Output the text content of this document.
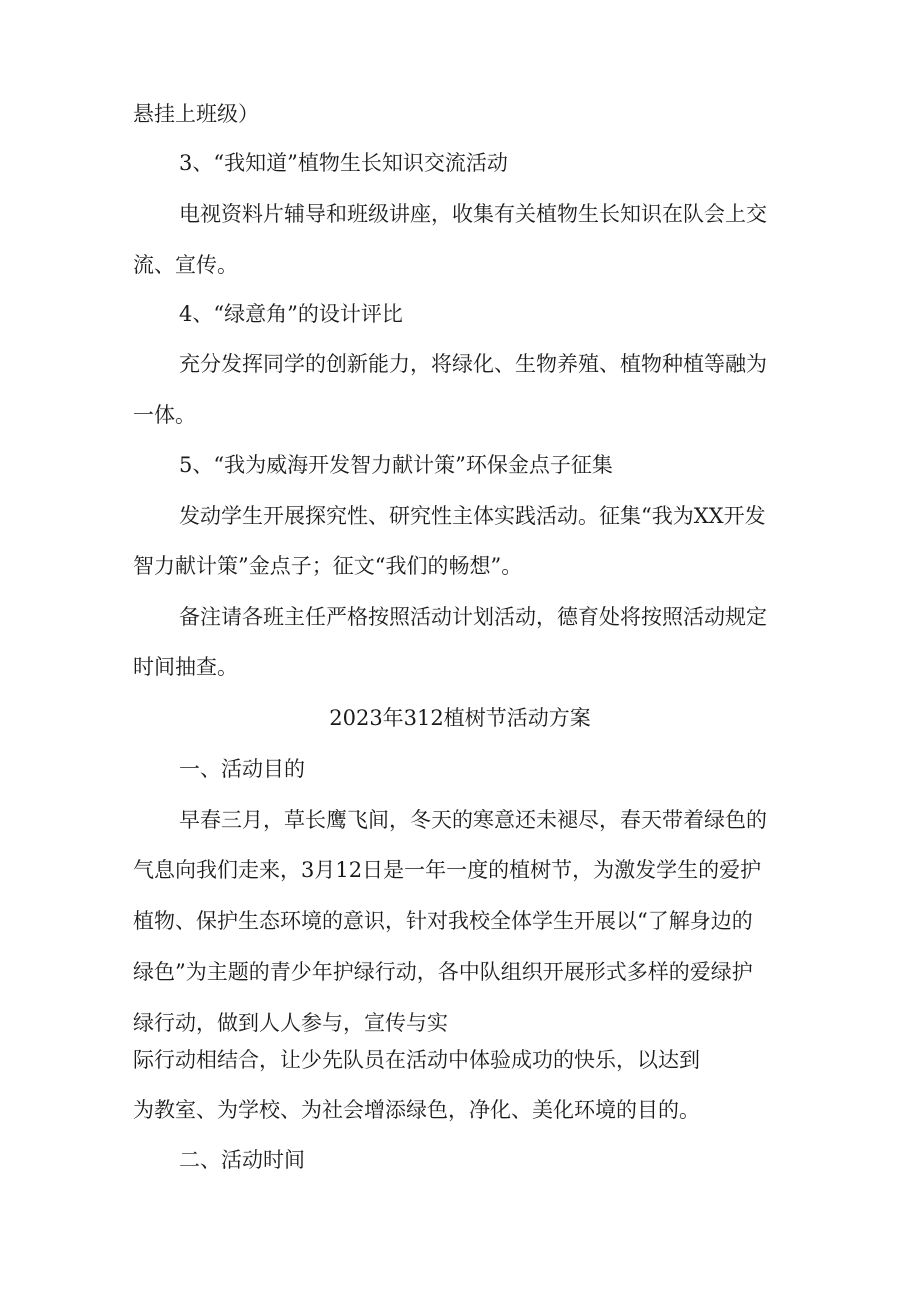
悬挂上班级）
3、“我知道”植物生长知识交流活动
电视资料片辅导和班级讲座，收集有关植物生长知识在队会上交
流、宣传。
4、“绿意角”的设计评比
充分发挥同学的创新能力，将绿化、生物养殖、植物种植等融为
一体。
5、“我为威海开发智力献计策”环保金点子征集
发动学生开展探究性、研究性主体实践活动。征集“我为XX开发
智力献计策”金点子；征文“我们的畅想”。
备注请各班主任严格按照活动计划活动，德育处将按照活动规定
时间抽查。
2023年312植树节活动方案
一、活动目的
早春三月，草长鹰飞间，冬天的寒意还未褪尽，春天带着绿色的
气息向我们走来，3月12日是一年一度的植树节，为激发学生的爱护
植物、保护生态环境的意识，针对我校全体学生开展以“了解身边的
绿色”为主题的青少年护绿行动，各中队组织开展形式多样的爱绿护
绿行动，做到人人参与，宣传与实
际行动相结合，让少先队员在活动中体验成功的快乐，以达到
为教室、为学校、为社会增添绿色，净化、美化环境的目的。
二、活动时间
